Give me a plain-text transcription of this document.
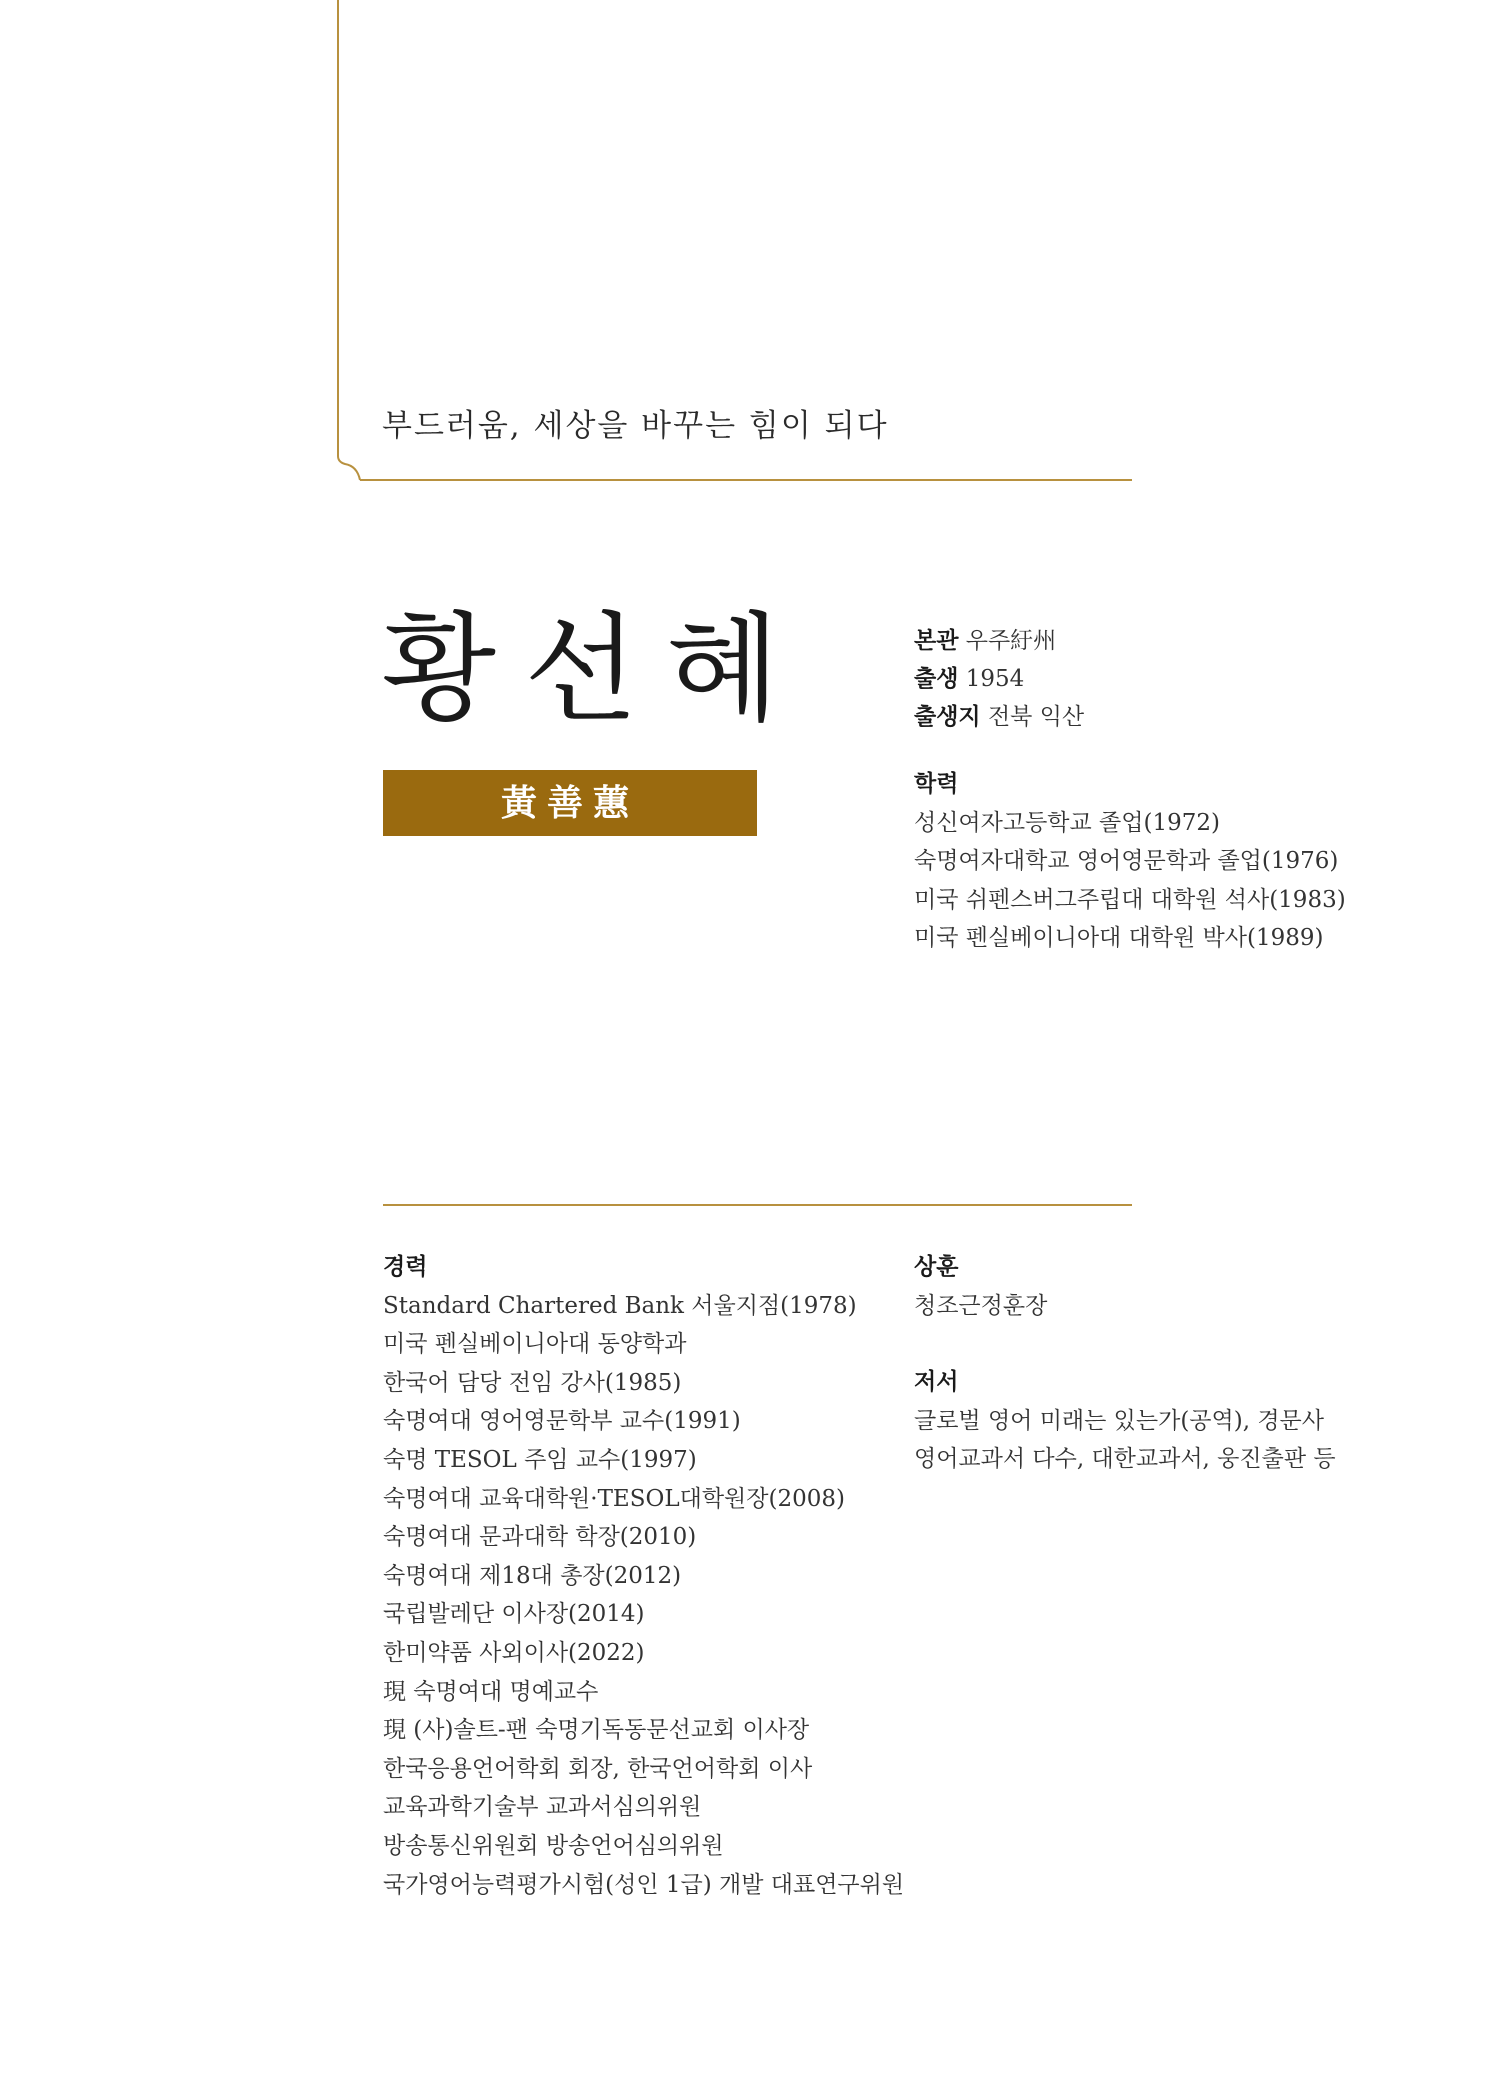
부드러움, 세상을 바꾸는 힘이 되다
황선혜
黃善蕙
본관 우주紆州
출생 1954
출생지 전북 익산
학력
성신여자고등학교 졸업(1972)
숙명여자대학교 영어영문학과 졸업(1976)
미국 쉬펜스버그주립대 대학원 석사(1983)
미국 펜실베이니아대 대학원 박사(1989)
경력
Standard Chartered Bank 서울지점(1978)
미국 펜실베이니아대 동양학과
한국어 담당 전임 강사(1985)
숙명여대 영어영문학부 교수(1991)
숙명 TESOL 주임 교수(1997)
숙명여대 교육대학원·TESOL대학원장(2008)
숙명여대 문과대학 학장(2010)
숙명여대 제18대 총장(2012)
국립발레단 이사장(2014)
한미약품 사외이사(2022)
現 숙명여대 명예교수
現 (사)솔트-팬 숙명기독동문선교회 이사장
한국응용언어학회 회장, 한국언어학회 이사
교육과학기술부 교과서심의위원
방송통신위원회 방송언어심의위원
국가영어능력평가시험(성인 1급) 개발 대표연구위원
상훈
청조근정훈장
저서
글로벌 영어 미래는 있는가(공역), 경문사
영어교과서 다수, 대한교과서, 웅진출판 등
